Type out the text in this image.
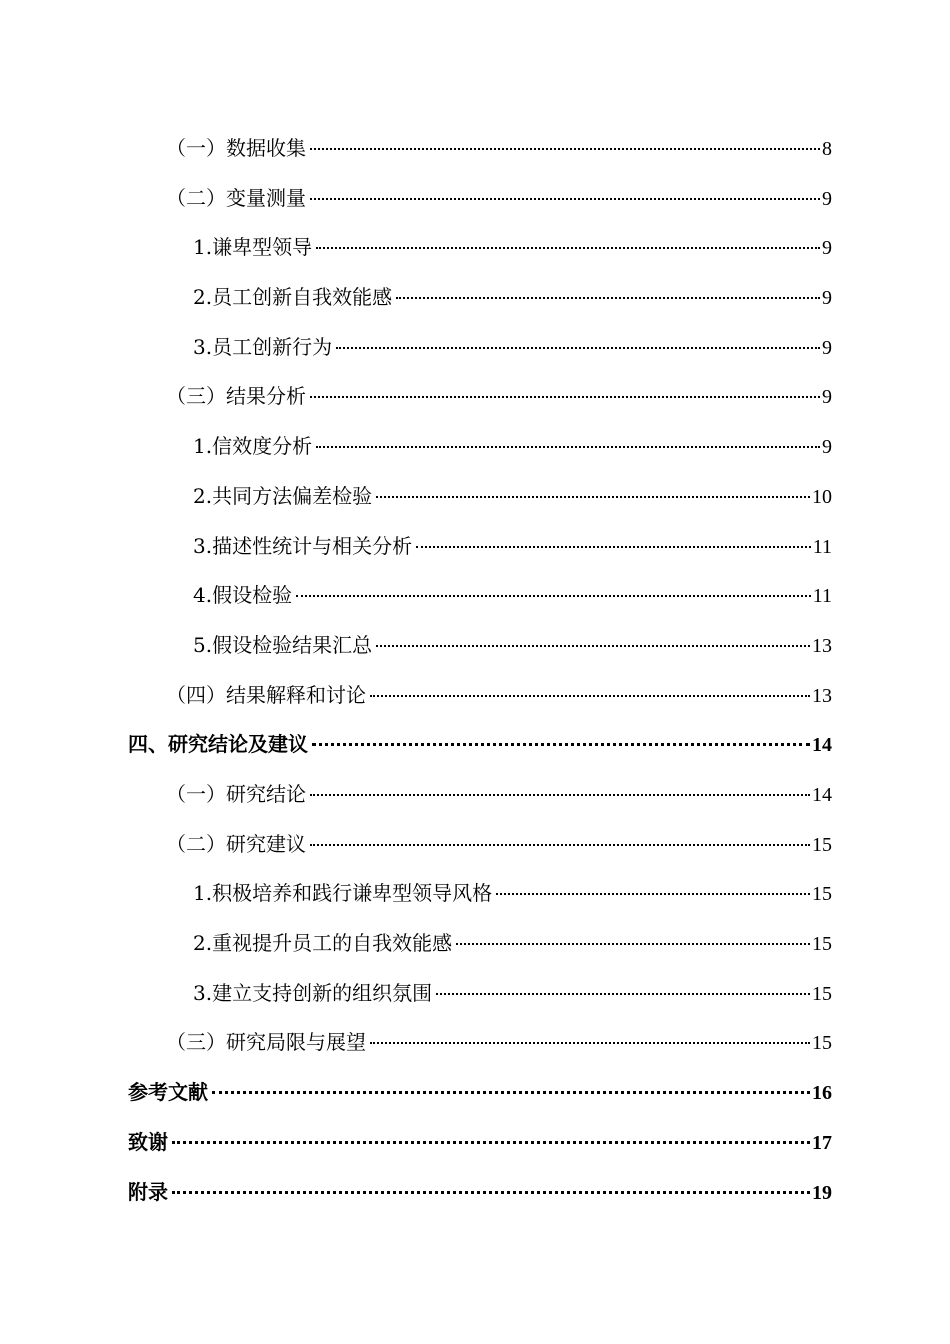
（一）数据收集	8
（二）变量测量	9
1.谦卑型领导	9
2.员工创新自我效能感	9
3.员工创新行为	9
（三）结果分析	9
1.信效度分析	9
2.共同方法偏差检验	10
3.描述性统计与相关分析	11
4.假设检验	11
5.假设检验结果汇总	13
（四）结果解释和讨论	13
四、研究结论及建议	14
（一）研究结论	14
（二）研究建议	15
1.积极培养和践行谦卑型领导风格	15
2.重视提升员工的自我效能感	15
3.建立支持创新的组织氛围	15
（三）研究局限与展望	15
参考文献	16
致谢	17
附录	19
